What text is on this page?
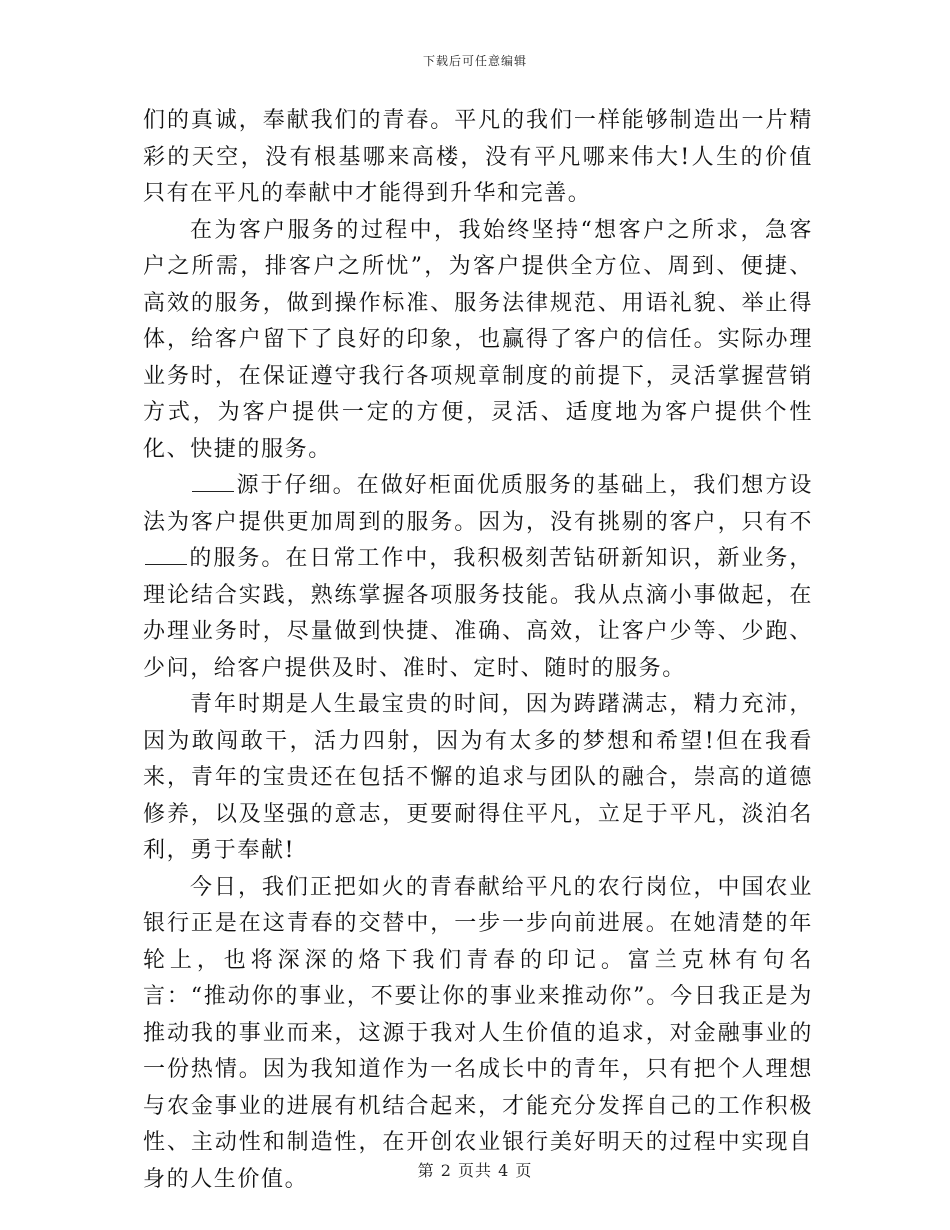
下载后可任意编辑

们的真诚，奉献我们的青春。平凡的我们一样能够制造出一片精彩的天空，没有根基哪来高楼，没有平凡哪来伟大!人生的价值只有在平凡的奉献中才能得到升华和完善。

在为客户服务的过程中，我始终坚持“想客户之所求，急客户之所需，排客户之所忧”，为客户提供全方位、周到、便捷、高效的服务，做到操作标准、服务法律规范、用语礼貌、举止得体，给客户留下了良好的印象，也赢得了客户的信任。实际办理业务时，在保证遵守我行各项规章制度的前提下，灵活掌握营销方式，为客户提供一定的方便，灵活、适度地为客户提供个性化、快捷的服务。

源于仔细。在做好柜面优质服务的基础上，我们想方设法为客户提供更加周到的服务。因为，没有挑剔的客户，只有不的服务。在日常工作中，我积极刻苦钻研新知识，新业务，理论结合实践，熟练掌握各项服务技能。我从点滴小事做起，在办理业务时，尽量做到快捷、准确、高效，让客户少等、少跑、少问，给客户提供及时、准时、定时、随时的服务。

青年时期是人生最宝贵的时间，因为踌躇满志，精力充沛，因为敢闯敢干，活力四射，因为有太多的梦想和希望!但在我看来，青年的宝贵还在包括不懈的追求与团队的融合，崇高的道德修养，以及坚强的意志，更要耐得住平凡，立足于平凡，淡泊名利，勇于奉献!

今日，我们正把如火的青春献给平凡的农行岗位，中国农业银行正是在这青春的交替中，一步一步向前进展。在她清楚的年轮上，也将深深的烙下我们青春的印记。富兰克林有句名言：“推动你的事业，不要让你的事业来推动你”。今日我正是为推动我的事业而来，这源于我对人生价值的追求，对金融事业的一份热情。因为我知道作为一名成长中的青年，只有把个人理想与农金事业的进展有机结合起来，才能充分发挥自己的工作积极性、主动性和制造性，在开创农业银行美好明天的过程中实现自身的人生价值。	第 2 页共 4 页
